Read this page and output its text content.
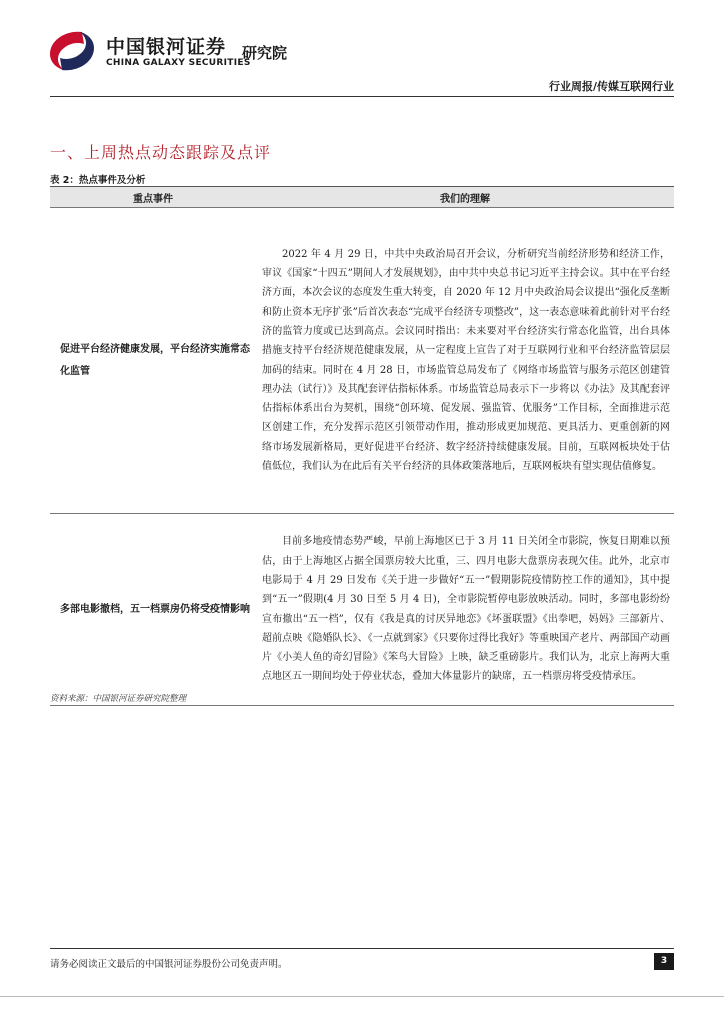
中国银河证券
CHINA GALAXY SECURITIES
研究院
行业周报/传媒互联网行业
一、上周热点动态跟踪及点评
表 2：热点事件及分析
重点事件	我们的理解
促进平台经济健康发展，平台经济实施常态化监管	2022 年 4 月 29 日，中共中央政治局召开会议，分析研究当前经济形势和经济工作，审议《国家“十四五”期间人才发展规划》，由中共中央总书记习近平主持会议。其中在平台经济方面，本次会议的态度发生重大转变，自 2020 年 12 月中央政治局会议提出“强化反垄断和防止资本无序扩张”后首次表态“完成平台经济专项整改”，这一表态意味着此前针对平台经济的监管力度或已达到高点。会议同时指出：未来要对平台经济实行常态化监管，出台具体措施支持平台经济规范健康发展，从一定程度上宣告了对于互联网行业和平台经济监管层层加码的结束。同时在 4 月 28 日，市场监管总局发布了《网络市场监管与服务示范区创建管理办法（试行）》及其配套评估指标体系。市场监管总局表示下一步将以《办法》及其配套评估指标体系出台为契机，围绕“创环境、促发展、强监管、优服务”工作目标，全面推进示范区创建工作，充分发挥示范区引领带动作用，推动形成更加规范、更具活力、更重创新的网络市场发展新格局，更好促进平台经济、数字经济持续健康发展。目前，互联网板块处于估值低位，我们认为在此后有关平台经济的具体政策落地后，互联网板块有望实现估值修复。

多部电影撤档，五一档票房仍将受疫情影响	目前多地疫情态势严峻，早前上海地区已于 3 月 11 日关闭全市影院，恢复日期难以预估，由于上海地区占据全国票房较大比重，三、四月电影大盘票房表现欠佳。此外，北京市电影局于 4 月 29 日发布《关于进一步做好“五一”假期影院疫情防控工作的通知》，其中提到“五一”假期(4 月 30 日至 5 月 4 日)，全市影院暂停电影放映活动。同时，多部电影纷纷宣布撤出“五一档”，仅有《我是真的讨厌异地恋》《坏蛋联盟》《出拳吧，妈妈》三部新片、超前点映《隐婚队长》、《一点就到家》《只要你过得比我好》等重映国产老片、两部国产动画片《小美人鱼的奇幻冒险》《笨鸟大冒险》上映，缺乏重磅影片。我们认为，北京上海两大重点地区五一期间均处于停业状态，叠加大体量影片的缺席，五一档票房将受疫情承压。

资料来源：中国银河证券研究院整理
请务必阅读正文最后的中国银河证券股份公司免责声明。	3
